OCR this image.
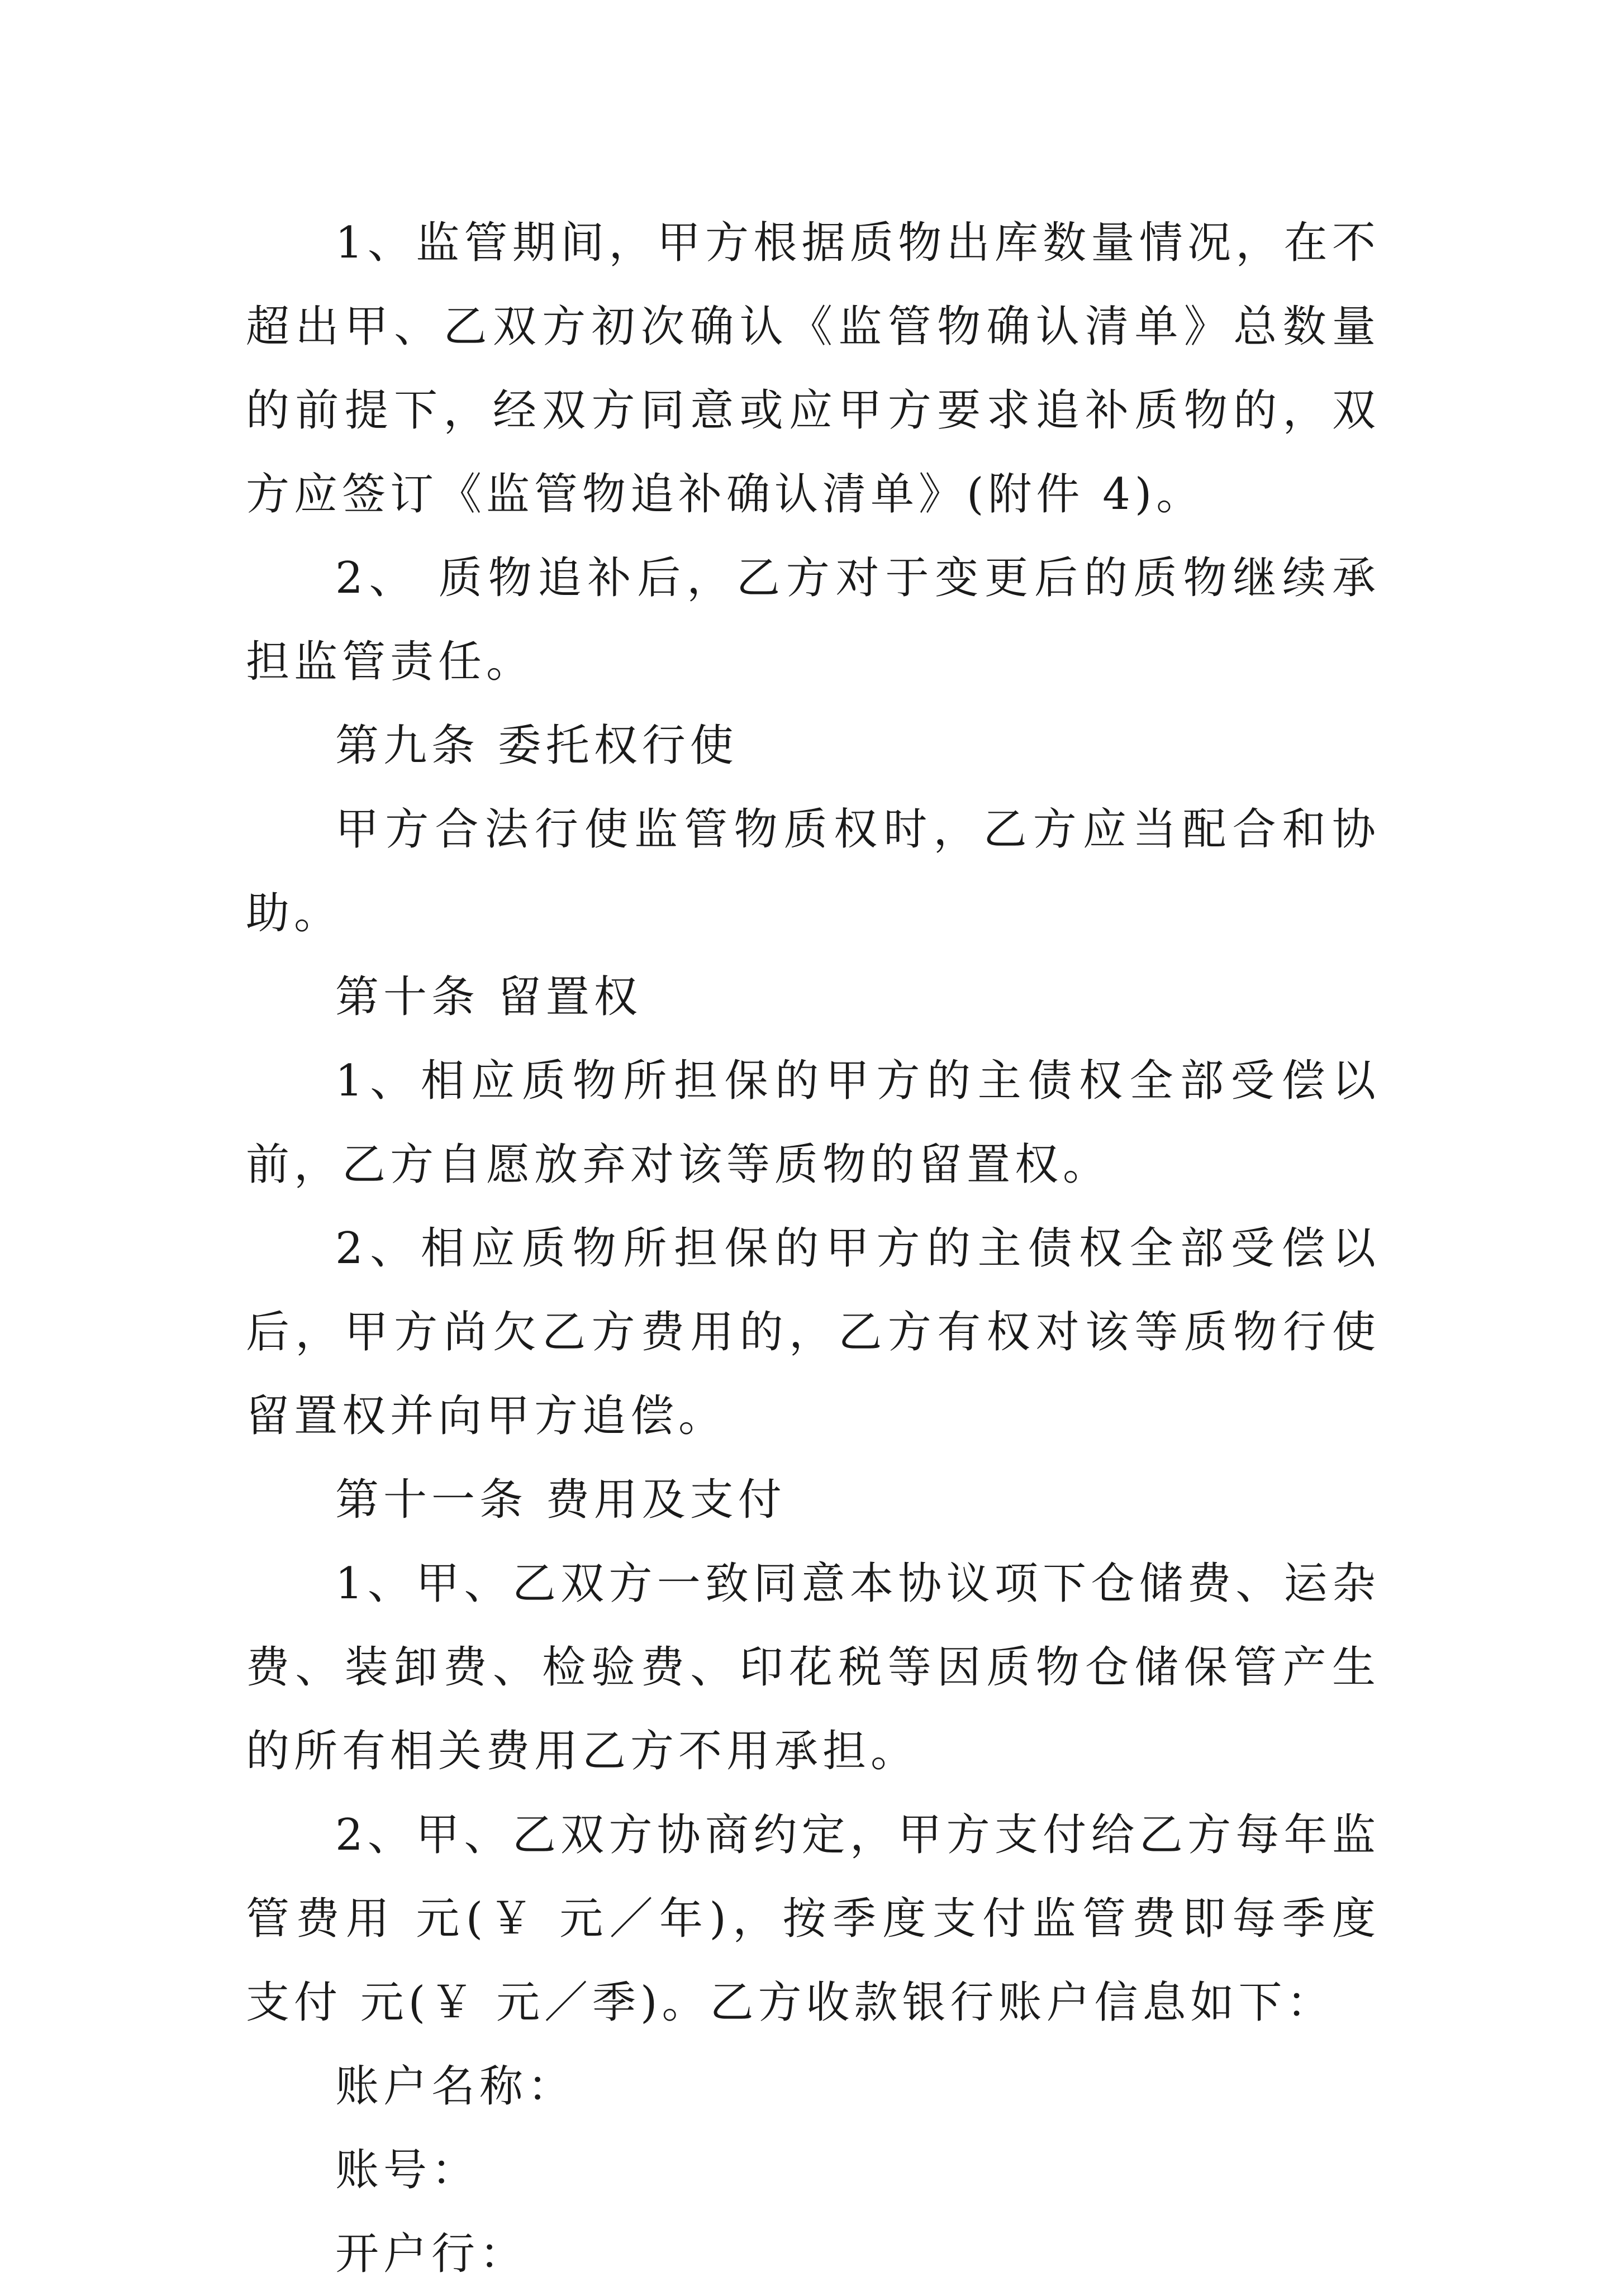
1、监管期间，甲方根据质物出库数量情况，在不超出甲、乙双方初次确认《监管物确认清单》总数量的前提下，经双方同意或应甲方要求追补质物的，双方应签订《监管物追补确认清单》(附件 4)。

2、 质物追补后，乙方对于变更后的质物继续承担监管责任。

第九条 委托权行使

甲方合法行使监管物质权时，乙方应当配合和协助。

第十条 留置权

1、相应质物所担保的甲方的主债权全部受偿以前，乙方自愿放弃对该等质物的留置权。

2、相应质物所担保的甲方的主债权全部受偿以后，甲方尚欠乙方费用的，乙方有权对该等质物行使留置权并向甲方追偿。

第十一条 费用及支付

1、甲、乙双方一致同意本协议项下仓储费、运杂费、装卸费、检验费、印花税等因质物仓储保管产生的所有相关费用乙方不用承担。

2、甲、乙双方协商约定，甲方支付给乙方每年监管费用 元(￥ 元／年)，按季度支付监管费即每季度支付 元(￥ 元／季)。乙方收款银行账户信息如下：

账户名称：

账号：

开户行：
